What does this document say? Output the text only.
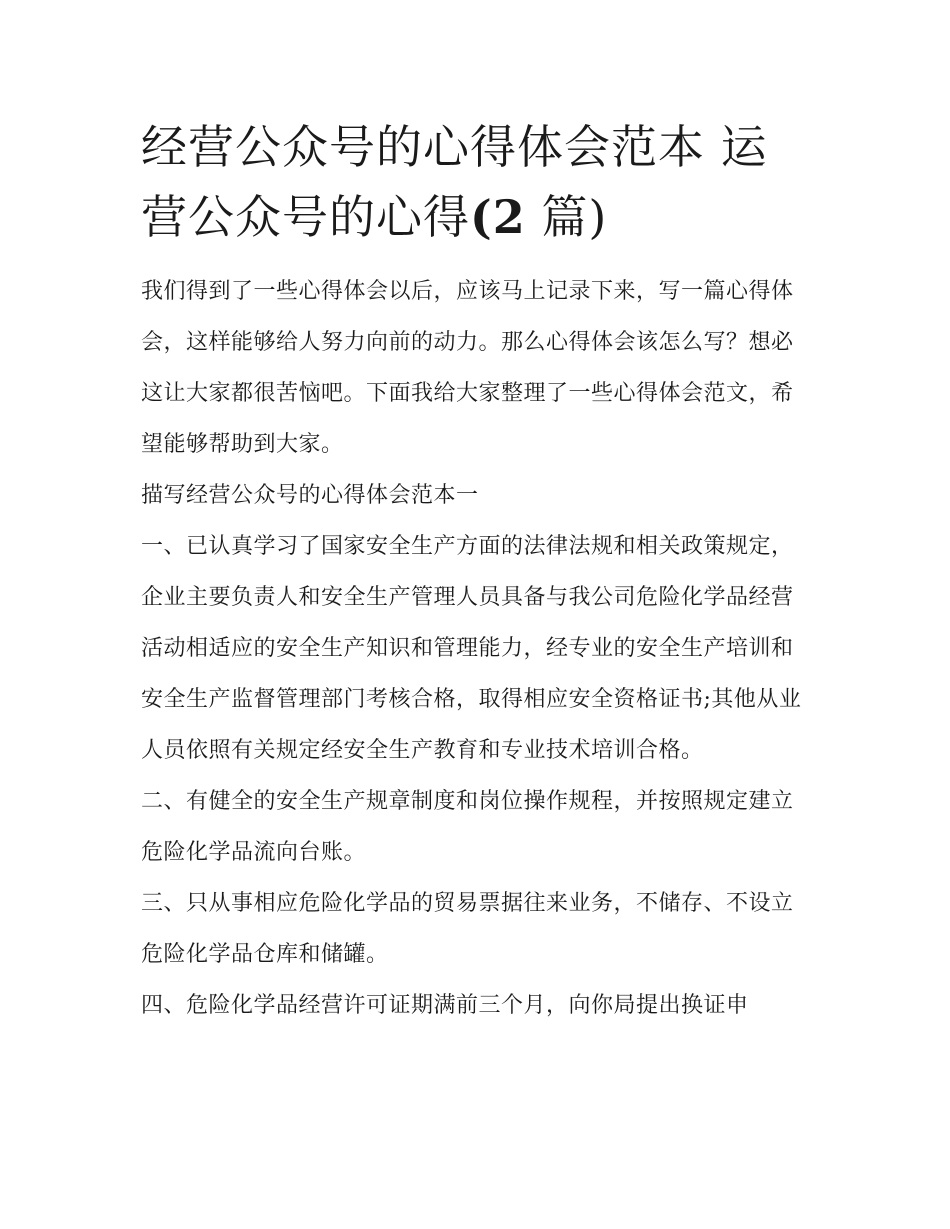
经营公众号的心得体会范本 运营公众号的心得(2 篇)

我们得到了一些心得体会以后，应该马上记录下来，写一篇心得体会，这样能够给人努力向前的动力。那么心得体会该怎么写？想必这让大家都很苦恼吧。下面我给大家整理了一些心得体会范文，希望能够帮助到大家。

描写经营公众号的心得体会范本一

一、已认真学习了国家安全生产方面的法律法规和相关政策规定，企业主要负责人和安全生产管理人员具备与我公司危险化学品经营活动相适应的安全生产知识和管理能力，经专业的安全生产培训和安全生产监督管理部门考核合格，取得相应安全资格证书;其他从业人员依照有关规定经安全生产教育和专业技术培训合格。

二、有健全的安全生产规章制度和岗位操作规程，并按照规定建立危险化学品流向台账。

三、只从事相应危险化学品的贸易票据往来业务，不储存、不设立危险化学品仓库和储罐。

四、危险化学品经营许可证期满前三个月，向你局提出换证申
